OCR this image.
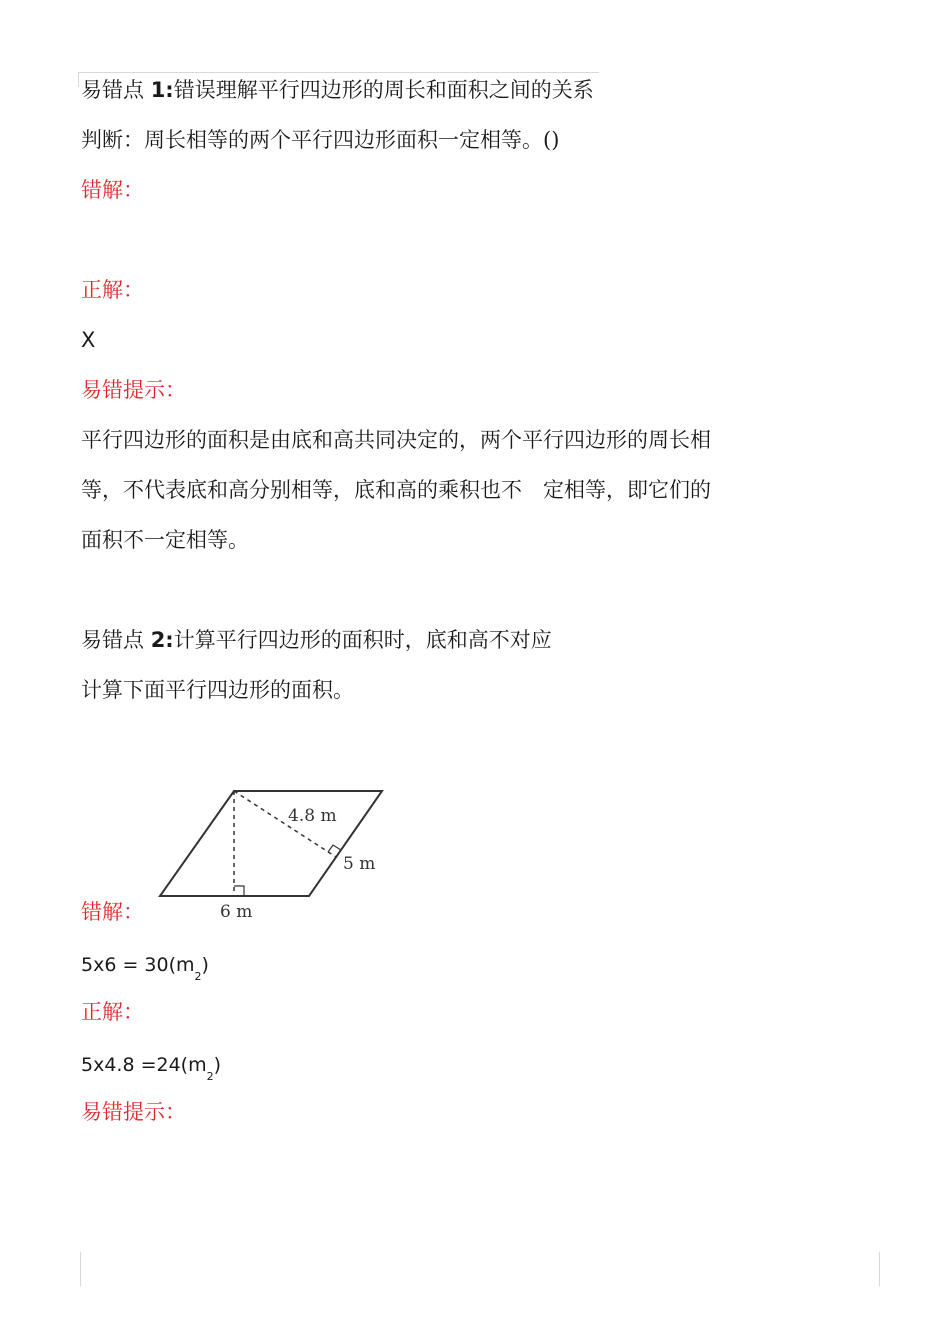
易错点 1:错误理解平行四边形的周长和面积之间的关系
判断：周长相等的两个平行四边形面积一定相等。()
错解：
正解：
X
易错提示：
平行四边形的面积是由底和高共同决定的，两个平行四边形的周长相
等，不代表底和高分别相等，底和高的乘积也不　定相等，即它们的
面积不一定相等。
易错点 2:计算平行四边形的面积时，底和高不对应
计算下面平行四边形的面积。
4.8 m
5 m
6 m
错解：
$5x6 = 30(m_2)$
正解：
$5x4.8 =24(m_2)$
易错提示：
